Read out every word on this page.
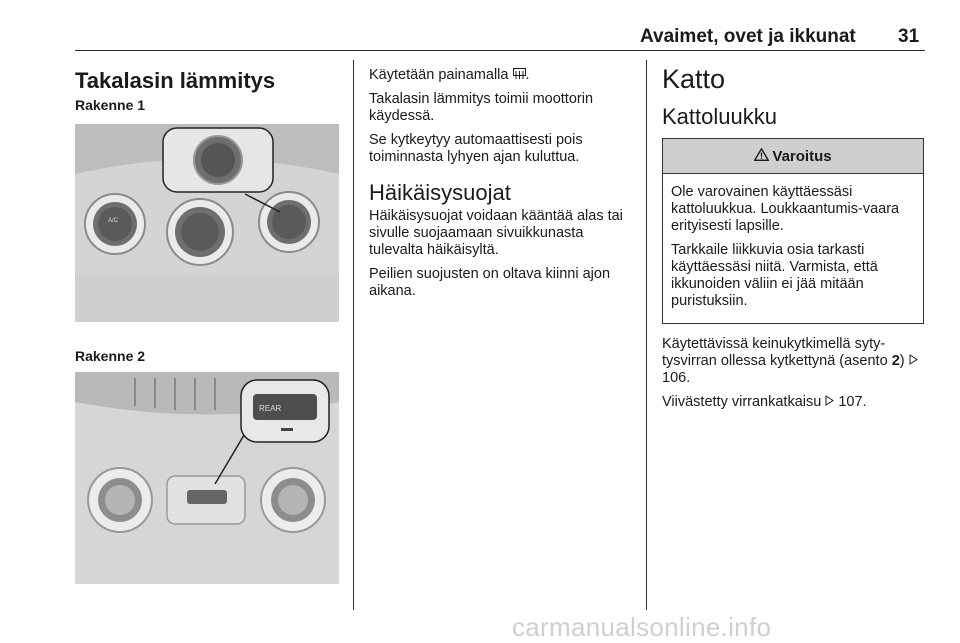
Avaimet, ovet ja ikkunat 31
Takalasin lämmitys
Rakenne 1
A/C
Rakenne 2
REAR

Käytetään painamalla .

Takalasin lämmitys toimii moottorin käydessä.

Se kytkeytyy automaattisesti pois toiminnasta lyhyen ajan kuluttua.

Häikäisysuojat

Häikäisysuojat voidaan kääntää alas tai sivulle suojaamaan sivuikkunasta tulevalta häikäisyltä.

Peilien suojusten on oltava kiinni ajon aikana.

Katto
Kattoluukku
! Varoitus

Ole varovainen käyttäessäsi kattoluukkua. Loukkaantumis-vaara erityisesti lapsille.

Tarkkaile liikkuvia osia tarkasti käyttäessäsi niitä. Varmista, että ikkunoiden väliin ei jää mitään puristuksiin.

Käytettävissä keinukytkimellä syty-tysvirran ollessa kytkettynä (asento 2)  106.

Viivästetty virrankatkaisu  107.

carmanualsonline.info
